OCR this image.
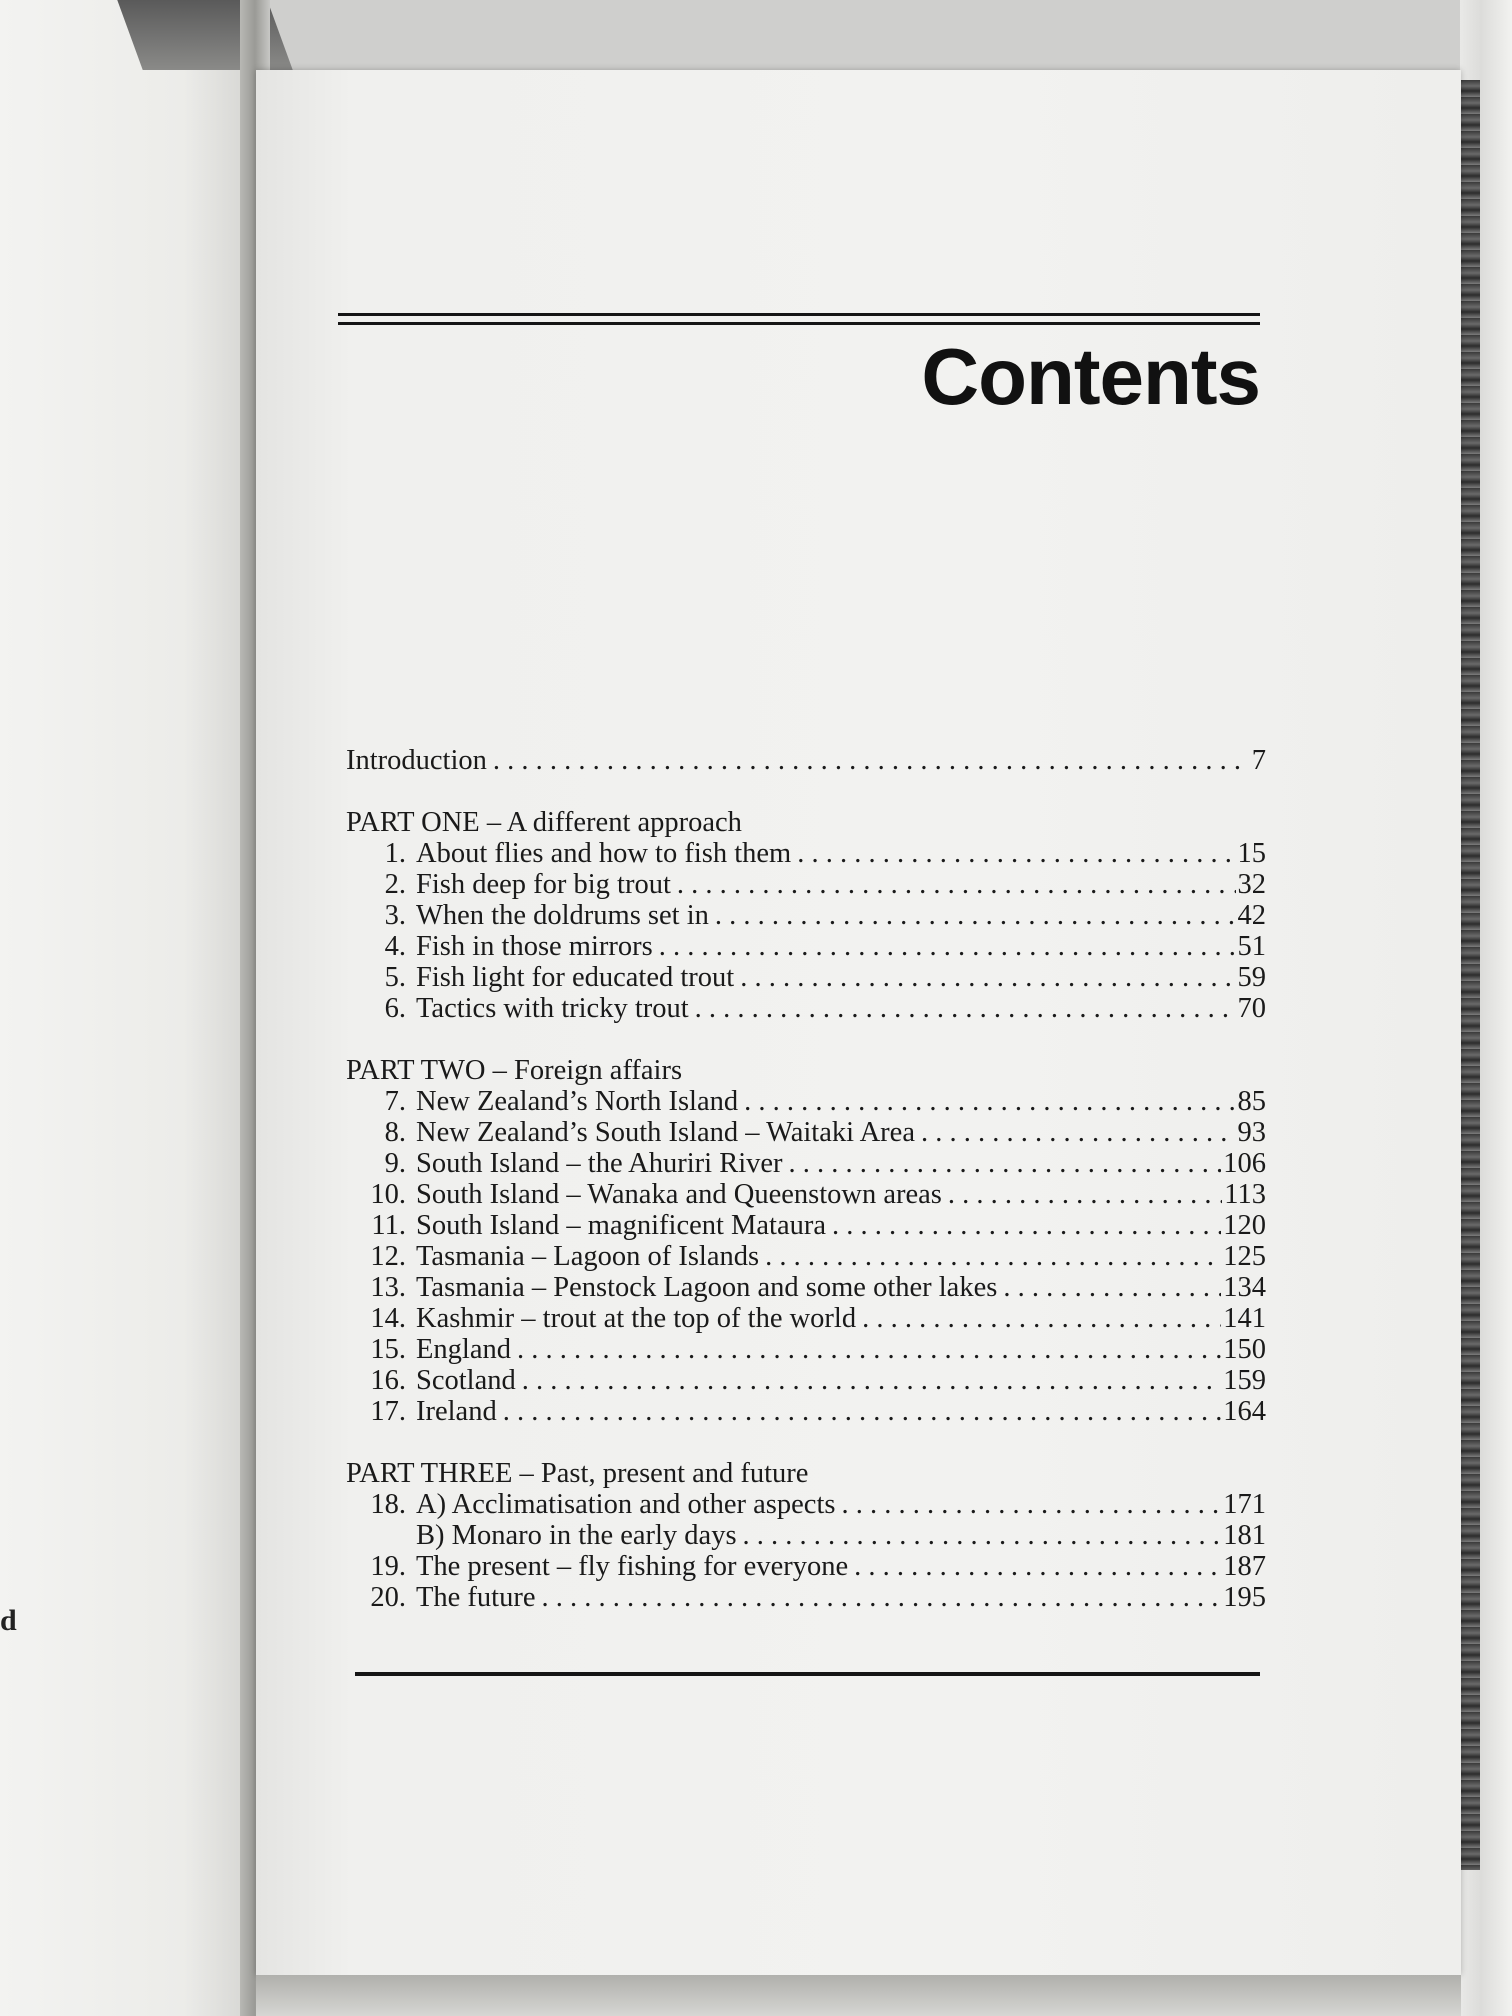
d
Contents
Introduction . . .	7
PART ONE – A different approach
1. About flies and how to fish them . . .	15
2. Fish deep for big trout . . .	32
3. When the doldrums set in . . .	42
4. Fish in those mirrors . . .	51
5. Fish light for educated trout . . .	59
6. Tactics with tricky trout . . .	70
PART TWO – Foreign affairs
7. New Zealand’s North Island . . .	85
8. New Zealand’s South Island – Waitaki Area . . .	93
9. South Island – the Ahuriri River . . .	106
10. South Island – Wanaka and Queenstown areas . . .	113
11. South Island – magnificent Mataura . . .	120
12. Tasmania – Lagoon of Islands . . .	125
13. Tasmania – Penstock Lagoon and some other lakes . . .	134
14. Kashmir – trout at the top of the world . . .	141
15. England . . .	150
16. Scotland . . .	159
17. Ireland . . .	164
PART THREE – Past, present and future
18. A) Acclimatisation and other aspects . . .	171
B) Monaro in the early days . . .	181
19. The present – fly fishing for everyone . . .	187
20. The future . . .	195
